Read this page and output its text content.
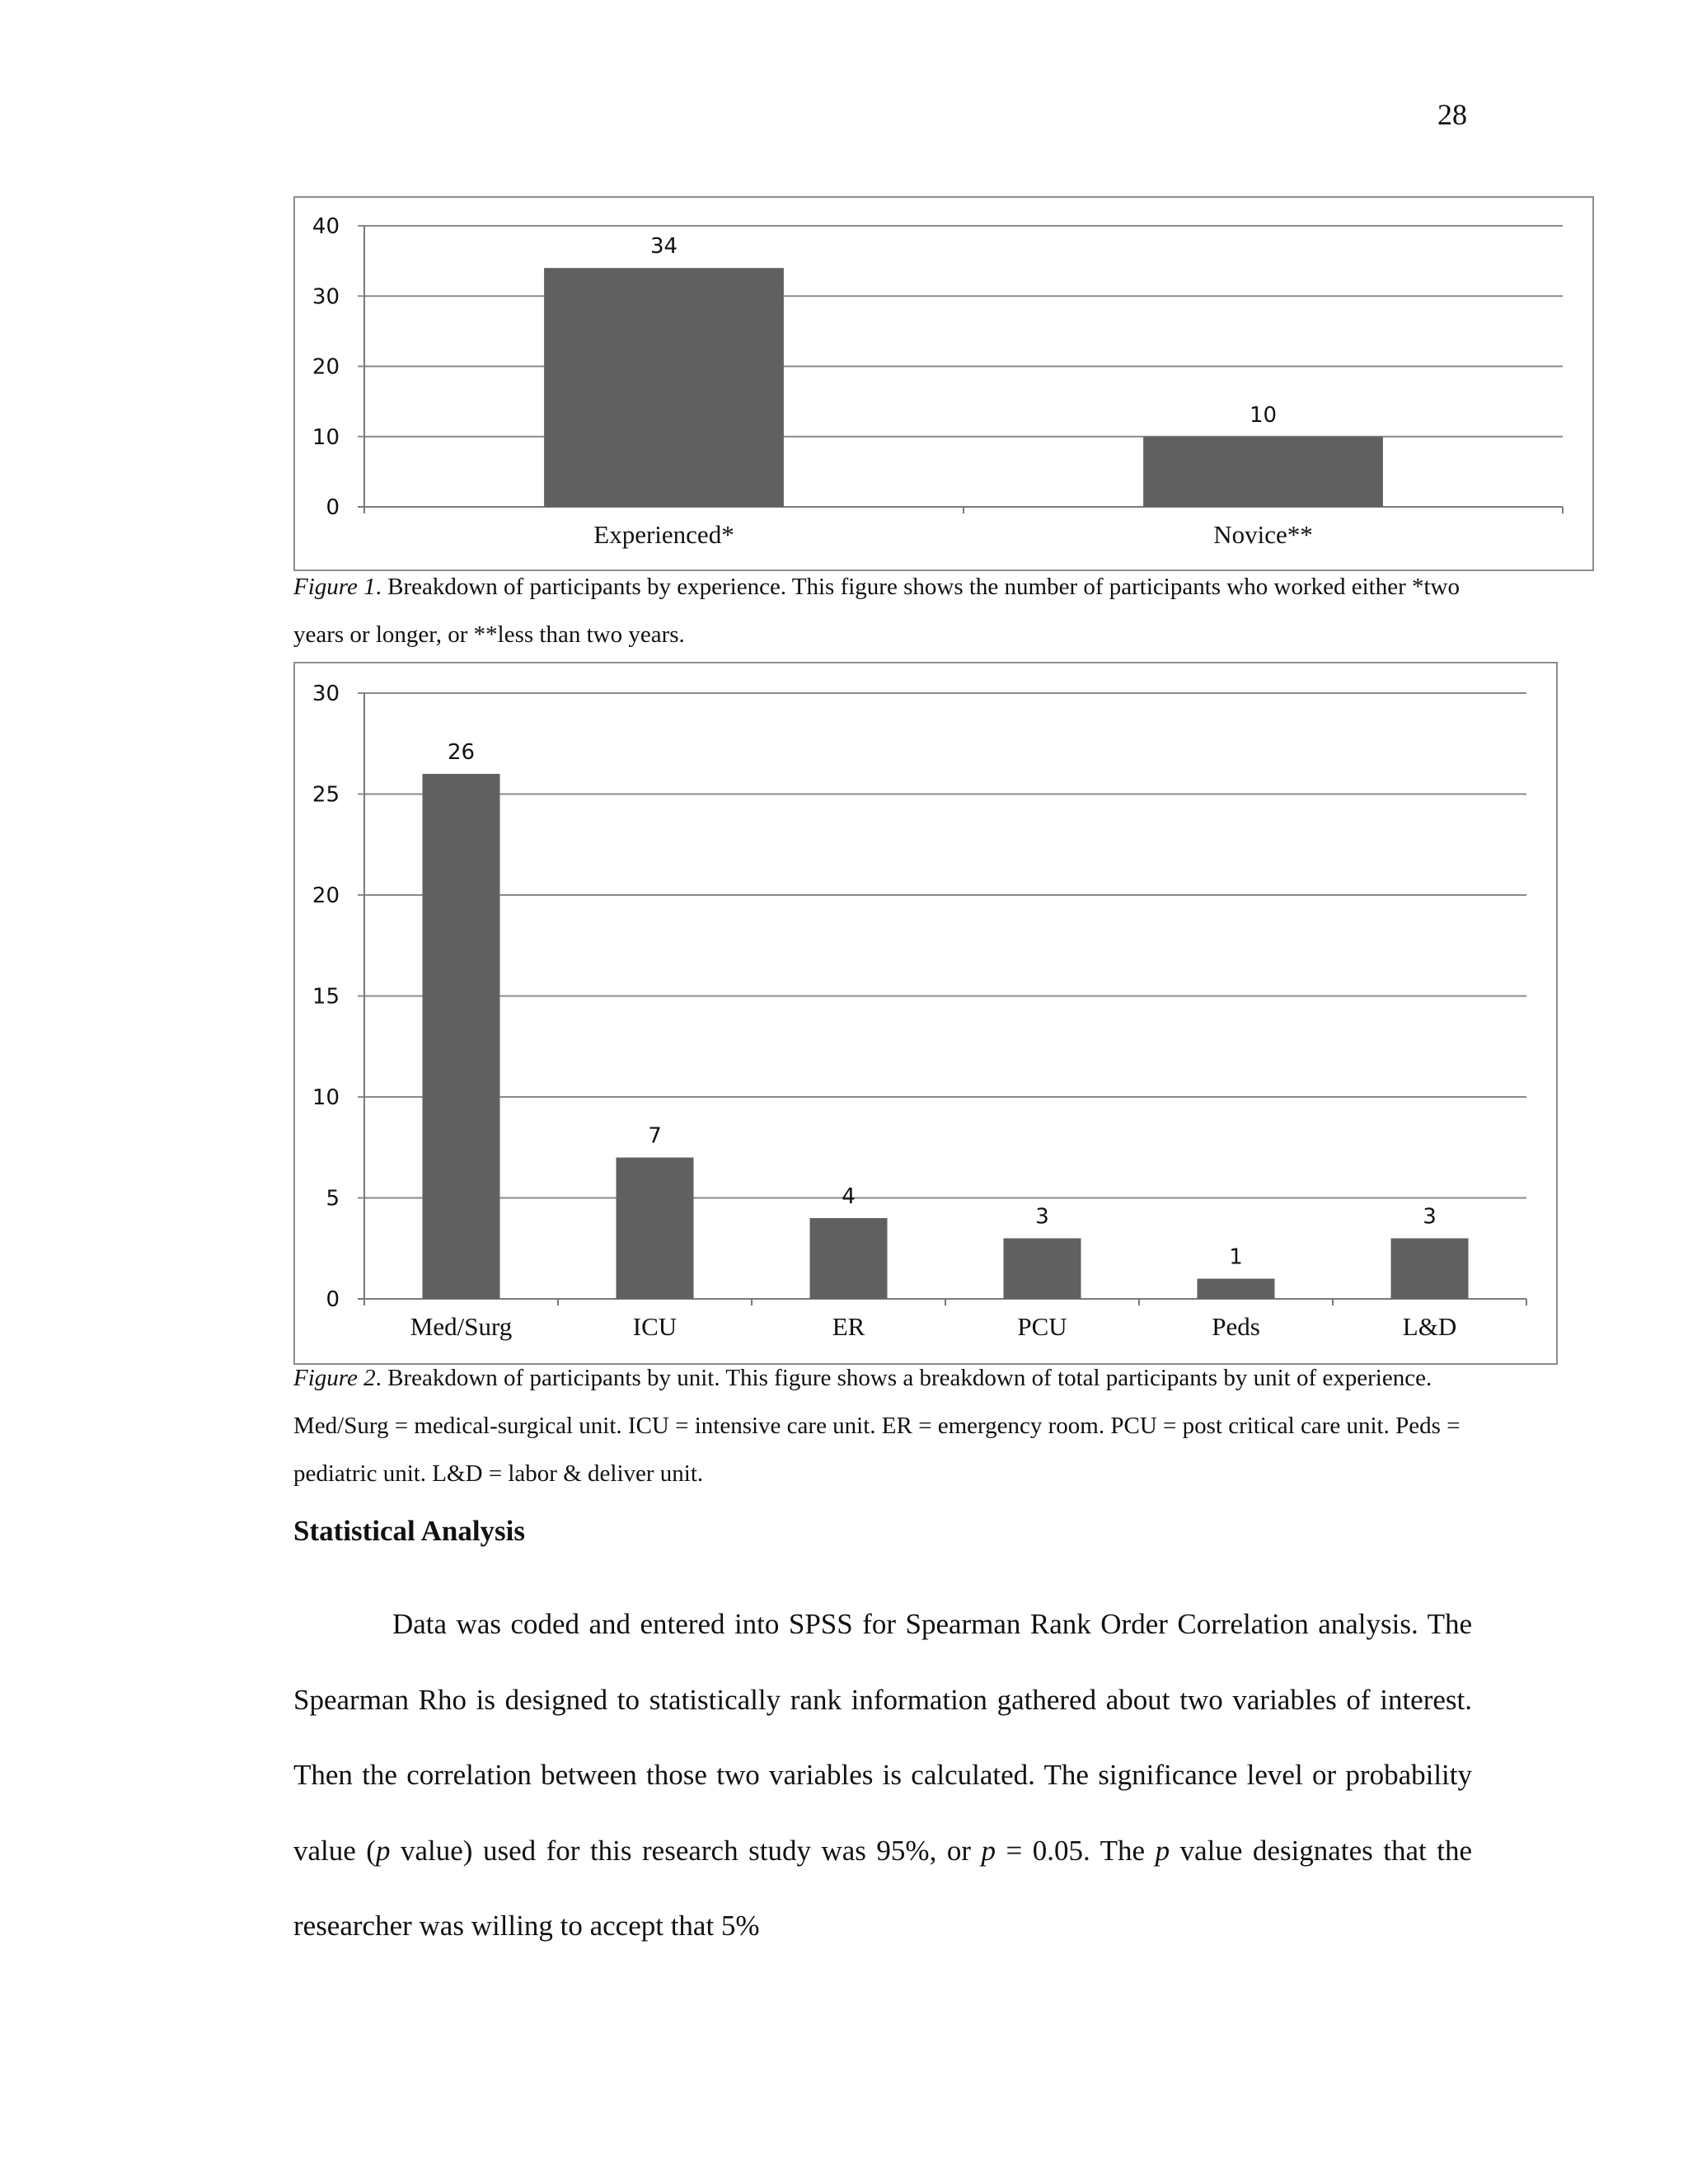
28
0
10
20
30
40
34
Experienced*
10
Novice**
Figure 1. Breakdown of participants by experience. This figure shows the number of participants who worked either *two years or longer, or **less than two years.
0
5
10
15
20
25
30
26
Med/Surg
7
ICU
4
ER
3
PCU
1
Peds
3
L&D
Figure 2. Breakdown of participants by unit. This figure shows a breakdown of total participants by unit of experience. Med/Surg = medical-surgical unit. ICU = intensive care unit. ER = emergency room. PCU = post critical care unit. Peds = pediatric unit. L&D = labor & deliver unit.
Statistical Analysis

Data was coded and entered into SPSS for Spearman Rank Order Correlation analysis. The Spearman Rho is designed to statistically rank information gathered about two variables of interest. Then the correlation between those two variables is calculated. The significance level or probability value (p value) used for this research study was 95%, or p = 0.05. The p value designates that the researcher was willing to accept that 5%
